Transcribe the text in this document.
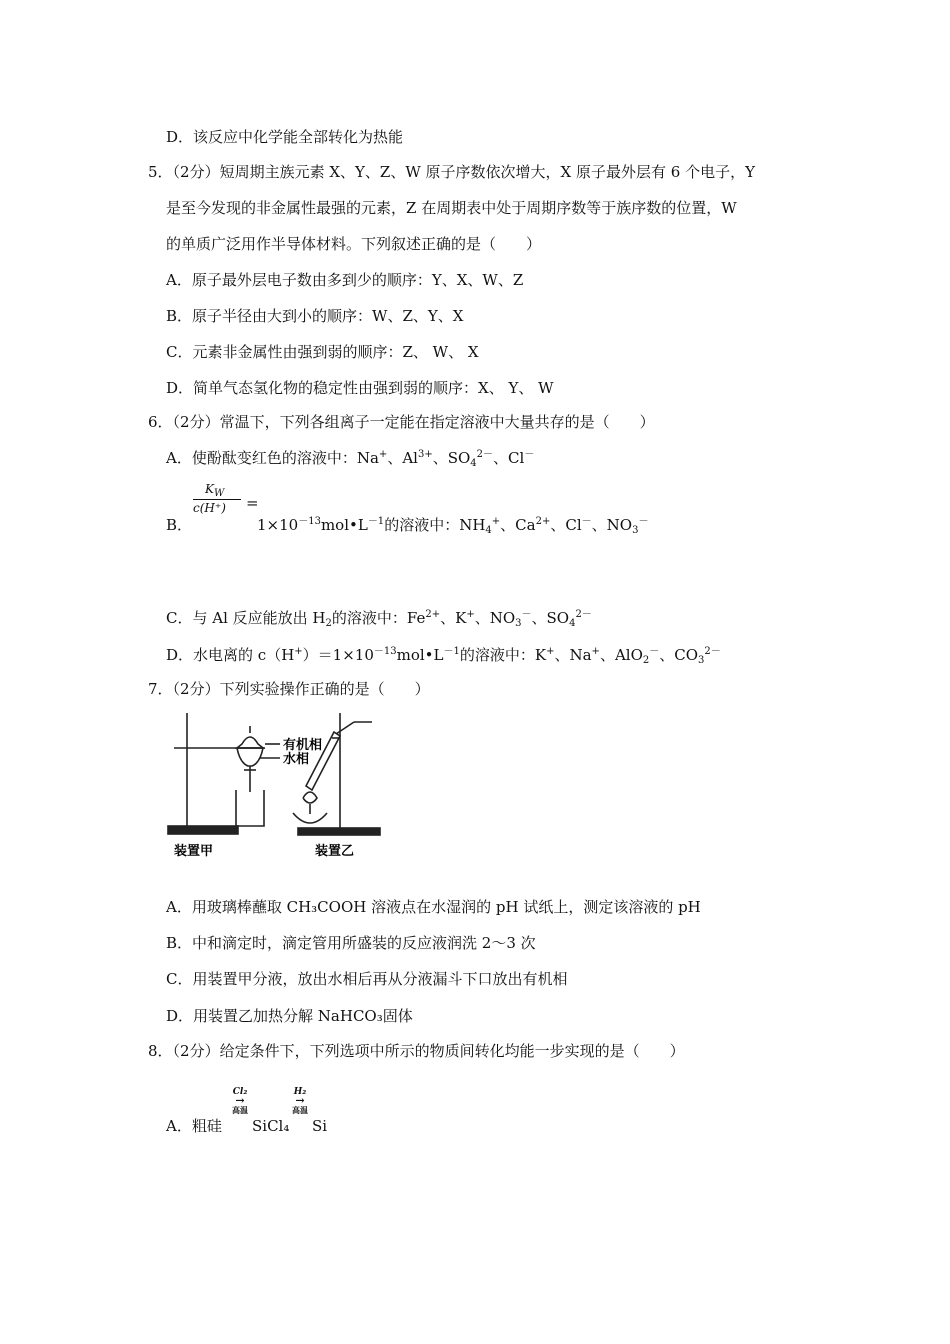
D．该反应中化学能全部转化为热能
5．（2分）短周期主族元素 X、Y、Z、W 原子序数依次增大，X 原子最外层有 6 个电子，Y
是至今发现的非金属性最强的元素，Z 在周期表中处于周期序数等于族序数的位置，W
的单质广泛用作半导体材料。下列叙述正确的是（　　）
A．原子最外层电子数由多到少的顺序：Y、X、W、Z
B．原子半径由大到小的顺序：W、Z、Y、X
C．元素非金属性由强到弱的顺序：Z、 W、 X
D．简单气态氢化物的稳定性由强到弱的顺序：X、 Y、 W
6．（2分）常温下，下列各组离子一定能在指定溶液中大量共存的是（　　）
A．使酚酞变红色的溶液中：Na+、$Al^{3+}$、$SO_4^{2-}$、Cl－
B．
$K_W$
c(H⁺) =
$1\times 10^{-13}mol•L^{-1}$的溶液中：$NH_4^+$、$Ca^{2+}$、Cl－、$NO_3^-$
C．与 Al 反应能放出 $H_2$的溶液中：$Fe^{2+}$、K+、$NO_3^-$、$SO_4^{2-}$
D．水电离的 $c(H^+)=1\times 10^{-13}mol•L^{-1}$的溶液中：K+、Na+、AlO$_2$－、$CO_3^{2-}$
7．（2分）下列实验操作正确的是（　　）
有机相
水相
装置甲	装置乙
A．用玻璃棒蘸取 CH₃COOH 溶液点在水湿润的 pH 试纸上，测定该溶液的 pH
B．中和滴定时，滴定管用所盛装的反应液润洗 2～3 次
C．用装置甲分液，放出水相后再从分液漏斗下口放出有机相
D．用装置乙加热分解 NaHCO₃固体
8．（2分）给定条件下，下列选项中所示的物质间转化均能一步实现的是（　　）
A．粗硅
Cl₂
→
高温
SiCl₄
H₂
→
高温
Si
